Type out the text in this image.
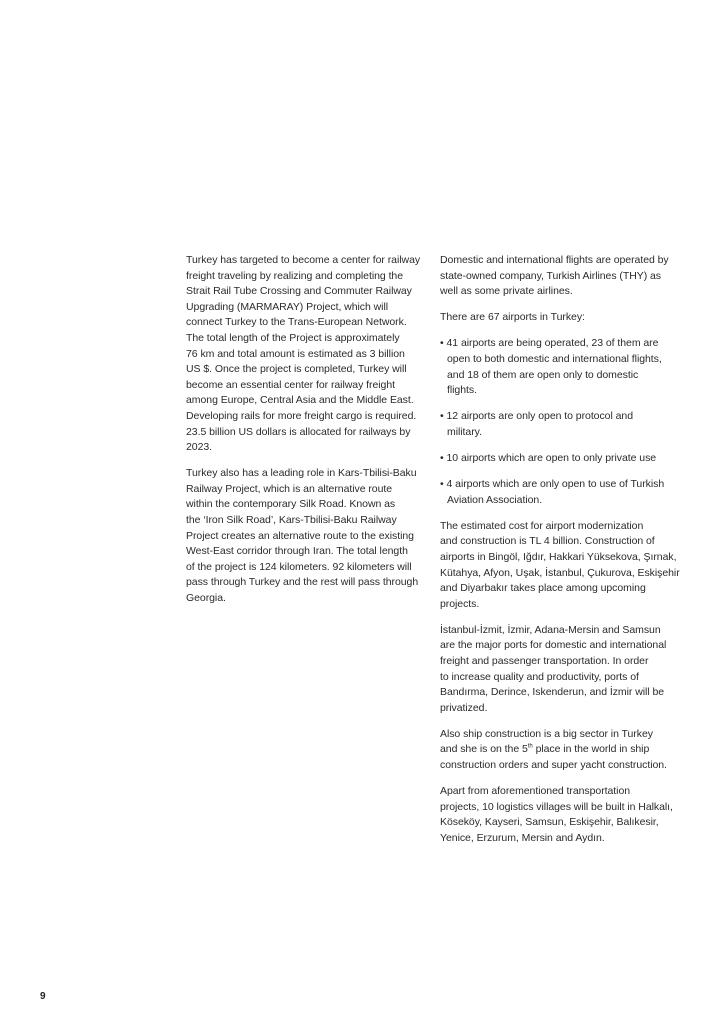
Turkey has targeted to become a center for railway
freight traveling by realizing and completing the
Strait Rail Tube Crossing and Commuter Railway
Upgrading (MARMARAY) Project, which will
connect Turkey to the Trans-European Network.
The total length of the Project is approximately
76 km and total amount is estimated as 3 billion
US $. Once the project is completed, Turkey will
become an essential center for railway freight
among Europe, Central Asia and the Middle East.
Developing rails for more freight cargo is required.
23.5 billion US dollars is allocated for railways by
2023.

Turkey also has a leading role in Kars-Tbilisi-Baku
Railway Project, which is an alternative route
within the contemporary Silk Road. Known as
the ‘Iron Silk Road’, Kars-Tbilisi-Baku Railway
Project creates an alternative route to the existing
West-East corridor through Iran. The total length
of the project is 124 kilometers. 92 kilometers will
pass through Turkey and the rest will pass through
Georgia.

Domestic and international flights are operated by
state-owned company, Turkish Airlines (THY) as
well as some private airlines.

There are 67 airports in Turkey:

• 41 airports are being operated, 23 of them are
open to both domestic and international flights,
and 18 of them are open only to domestic
flights.
• 12 airports are only open to protocol and
military.
• 10 airports which are open to only private use
• 4 airports which are only open to use of Turkish
Aviation Association.

The estimated cost for airport modernization
and construction is TL 4 billion. Construction of
airports in Bingöl, Iğdır, Hakkari Yüksekova, Şırnak,
Kütahya, Afyon, Uşak, İstanbul, Çukurova, Eskişehir
and Diyarbakır takes place among upcoming
projects.

İstanbul-İzmit, İzmir, Adana-Mersin and Samsun
are the major ports for domestic and international
freight and passenger transportation. In order
to increase quality and productivity, ports of
Bandırma, Derince, Iskenderun, and İzmir will be
privatized.

Also ship construction is a big sector in Turkey
and she is on the 5th place in the world in ship
construction orders and super yacht construction.

Apart from aforementioned transportation
projects, 10 logistics villages will be built in Halkalı,
Köseköy, Kayseri, Samsun, Eskişehir, Balıkesir,
Yenice, Erzurum, Mersin and Aydın.

9
